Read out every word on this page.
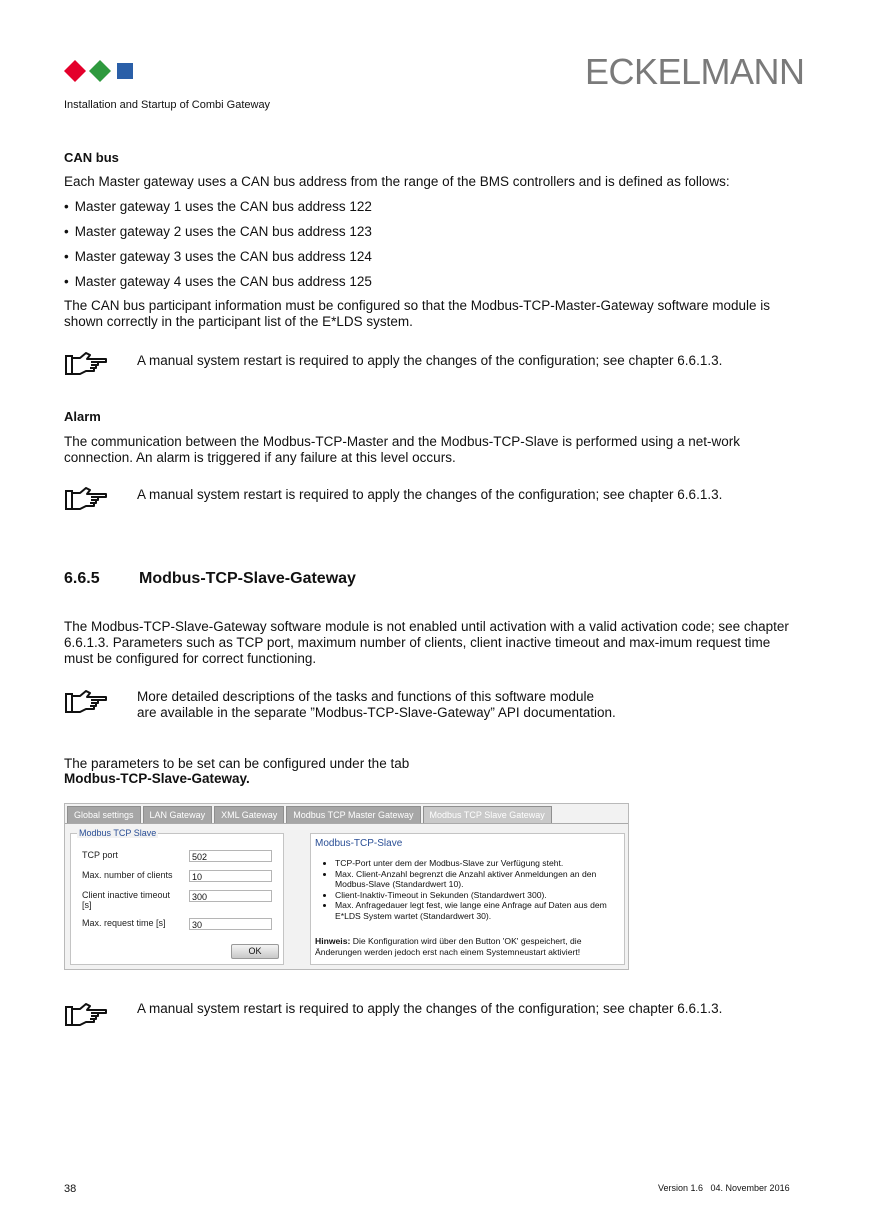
ECKELMANN
Installation and Startup of Combi Gateway
CAN bus
Each Master gateway uses a CAN bus address from the range of the BMS controllers and is defined as follows:
• Master gateway 1 uses the CAN bus address 122
• Master gateway 2 uses the CAN bus address 123
• Master gateway 3 uses the CAN bus address 124
• Master gateway 4 uses the CAN bus address 125
The CAN bus participant information must be configured so that the Modbus-TCP-Master-Gateway software module is shown correctly in the participant list of the E*LDS system.
A manual system restart is required to apply the changes of the configuration; see chapter 6.6.1.3.
Alarm
The communication between the Modbus-TCP-Master and the Modbus-TCP-Slave is performed using a net-work connection. An alarm is triggered if any failure at this level occurs.
A manual system restart is required to apply the changes of the configuration; see chapter 6.6.1.3.
6.6.5 Modbus-TCP-Slave-Gateway
The Modbus-TCP-Slave-Gateway software module is not enabled until activation with a valid activation code; see chapter 6.6.1.3. Parameters such as TCP port, maximum number of clients, client inactive timeout and max-imum request time must be configured for correct functioning.
More detailed descriptions of the tasks and functions of this software module
are available in the separate ”Modbus-TCP-Slave-Gateway” API documentation.
The parameters to be set can be configured under the tab
Modbus-TCP-Slave-Gateway.
Global settings	LAN Gateway	XML Gateway	Modbus TCP Master Gateway	Modbus TCP Slave Gateway
Modbus TCP Slave
TCP port	502
Max. number of clients	10
Client inactive timeout [s]
300
Max. request time [s]	30
OK
Modbus-TCP-Slave
• TCP-Port unter dem der Modbus-Slave zur Verfügung steht.
• Max. Client-Anzahl begrenzt die Anzahl aktiver Anmeldungen an den Modbus-Slave (Standardwert 10).
• Client-Inaktiv-Timeout in Sekunden (Standardwert 300).
• Max. Anfragedauer legt fest, wie lange eine Anfrage auf Daten aus dem E*LDS System wartet (Standardwert 30).
Hinweis: Die Konfiguration wird über den Button 'OK' gespeichert, die Änderungen werden jedoch erst nach einem Systemneustart aktiviert!
A manual system restart is required to apply the changes of the configuration; see chapter 6.6.1.3.
38	Version 1.6   04. November 2016
